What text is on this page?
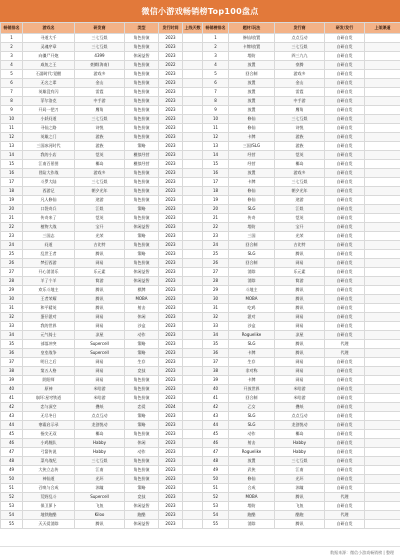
微信小游戏畅销榜Top100盘点
畅销排名	游戏名	研发商	类型	发行时间	上线天数	畅销榜排名	题材/玩法	发行商	研发/发行	上架渠道
1	寻道大千	三七互娱	角色扮演	2023		1	修仙/放置	点点互动	自研自发	
2	灵魂序章	三七互娱	角色扮演	2023		2	卡牌/放置	三七互娱	自研自发	
3	向僵尸开炮	4399	休闲益智	2023		3	塔防	四三九九	自研自发	
4	咸鱼之王	豪腾(海南)	角色扮演	2022		4	放置	豪腾	自研自发	
5	石器时代:觉醒	游戏多	角色扮演	2023		5	回合制	游戏多	自研自发	
6	无名之辈	金山	角色扮演	2023		6	放置	金山	自研自发	
7	英雄没有闪	雷霆	角色扮演	2023		7	放置	雷霆	自研自发	
8	菲尔洛克	中手游	角色扮演	2023		8	放置	中手游	自研自发	
9	开局一把刀	鹰角	角色扮演	2023		9	放置	鹰角	自研自发	
10	小妖问道	三七互娱	角色扮演	2023		10	修仙	三七互娱	自研自发	
11	寻仙之路	诗悦	角色扮演	2023		11	修仙	诗悦	自研自发	
12	英雄之门	游族	角色扮演	2023		12	卡牌	游族	自研自发	
13	三国冰河时代	游族	策略	2023		13	三国/SLG	游族	自研自发	
14	我的小店	恺英	模拟经营	2023		14	经营	恺英	自研自发	
15	江南百景图	椰岛	模拟经营	2023		15	经营	椰岛	自研自发	
16	冒险大作战	游戏多	角色扮演	2023		16	放置	游戏多	自研自发	
17	斗罗大陆	三七互娱	角色扮演	2023		17	卡牌	三七互娱	自研自发	
18	西游记	朝夕光年	角色扮演	2023		18	修仙	朝夕光年	自研自发	
19	凡人修仙	途游	角色扮演	2023		19	修仙	途游	自研自发	
20	口袋奇兵	江娱	策略	2023		20	SLG	江娱	自研自发	
21	传奇来了	恺英	角色扮演	2023		21	传奇	恺英	自研自发	
22	植物大战	宝开	休闲益智	2023		22	塔防	宝开	自研自发	
23	三国志	光荣	策略	2023		23	三国	光荣	自研自发	
24	问道	吉比特	角色扮演	2023		24	回合制	吉比特	自研自发	
25	乱世王者	腾讯	策略	2023		25	SLG	腾讯	自研自发	
26	梦幻西游	网易	角色扮演	2023		26	回合制	网易	自研自发	
27	开心消消乐	乐元素	休闲益智	2023		27	消除	乐元素	自研自发	
28	羊了个羊	简游	休闲益智	2023		28	消除	简游	自研自发	
29	欢乐斗地主	腾讯	棋牌	2023		29	斗地主	腾讯	自研自发	
30	王者荣耀	腾讯	MOBA	2023		30	MOBA	腾讯	自研自发	
31	和平精英	腾讯	射击	2023		31	吃鸡	腾讯	自研自发	
32	蛋仔派对	网易	休闲	2023		32	派对	网易	自研自发	
33	我的世界	网易	沙盒	2023		33	沙盒	网易	自研自发	
34	元气骑士	凉屋	动作	2023		34	Roguelike	凉屋	自研自发	
35	部落冲突	Supercell	策略	2023		35	SLG	腾讯	代理	
36	皇室战争	Supercell	策略	2023		36	卡牌	腾讯	代理	
37	明日之后	网易	生存	2023		37	生存	网易	自研自发	
38	第五人格	网易	竞技	2023		38	非对称	网易	自研自发	
39	阴阳师	网易	角色扮演	2023		39	卡牌	网易	自研自发	
40	原神	米哈游	角色扮演	2023		40	开放世界	米哈游	自研自发	
41	崩坏:星穹铁道	米哈游	角色扮演	2023		41	回合制	米哈游	自研自发	
42	恋与深空	叠纸	恋爱	2024		42	乙女	叠纸	自研自发	
43	无尽冬日	点点互动	策略	2023		43	SLG	点点互动	自研自发	
44	寒霜启示录	龙创悦动	策略	2023		44	SLG	龙创悦动	自研自发	
45	指尖无双	椰岛	角色扮演	2023		45	动作	椰岛	自研自发	
46	小鸡舰队	Habby	休闲	2023		46	射击	Habby	自研自发	
47	弓箭传说	Habby	动作	2023		47	Roguelike	Habby	自研自发	
48	菜鸟战纪	三七互娱	角色扮演	2023		48	放置	三七互娱	自研自发	
49	大侠立志传	江南	角色扮演	2023		49	武侠	江南	自研自发	
50	神仙道	光环	角色扮演	2023		50	修仙	光环	自研自发	
51	召唤与合成	沐瞳	策略	2023		51	合成	沐瞳	自研自发	
52	荒野乱斗	Supercell	竞技	2023		52	MOBA	腾讯	代理	
53	保卫萝卜	飞鱼	休闲益智	2023		53	塔防	飞鱼	自研自发	
54	地铁跑酷	Kiloo	跑酷	2023		54	跑酷	酷跑	代理	
55	天天爱消除	腾讯	休闲益智	2023		55	消除	腾讯	自研自发	
数据来源：微信小游戏畅销榜 | 整理
